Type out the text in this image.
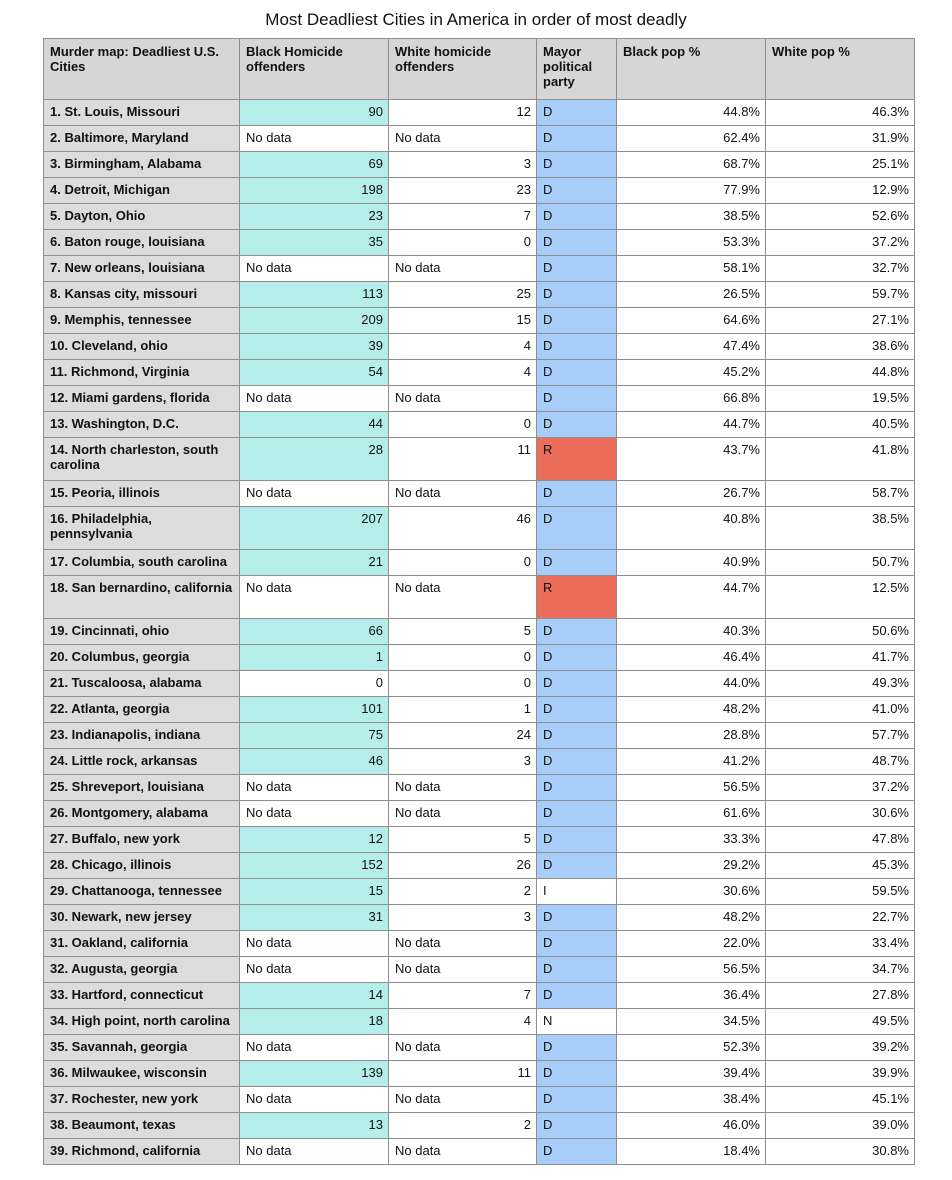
Most Deadliest Cities in America in order of most deadly
Murder map: Deadliest U.S. Cities	Black Homicide offenders	White homicide offenders	Mayor political party	Black pop %	White pop %
1. St. Louis, Missouri	90	12	D	44.8%	46.3%
2. Baltimore, Maryland	No data	No data	D	62.4%	31.9%
3. Birmingham, Alabama	69	3	D	68.7%	25.1%
4. Detroit, Michigan	198	23	D	77.9%	12.9%
5. Dayton, Ohio	23	7	D	38.5%	52.6%
6. Baton rouge, louisiana	35	0	D	53.3%	37.2%
7. New orleans, louisiana	No data	No data	D	58.1%	32.7%
8. Kansas city, missouri	113	25	D	26.5%	59.7%
9. Memphis, tennessee	209	15	D	64.6%	27.1%
10. Cleveland, ohio	39	4	D	47.4%	38.6%
11. Richmond, Virginia	54	4	D	45.2%	44.8%
12. Miami gardens, florida	No data	No data	D	66.8%	19.5%
13. Washington, D.C.	44	0	D	44.7%	40.5%
14. North charleston, south carolina	28	11	R	43.7%	41.8%
15. Peoria, illinois	No data	No data	D	26.7%	58.7%
16. Philadelphia, pennsylvania	207	46	D	40.8%	38.5%
17. Columbia, south carolina	21	0	D	40.9%	50.7%
18. San bernardino, california	No data	No data	R	44.7%	12.5%
19. Cincinnati, ohio	66	5	D	40.3%	50.6%
20. Columbus, georgia	1	0	D	46.4%	41.7%
21. Tuscaloosa, alabama	0	0	D	44.0%	49.3%
22. Atlanta, georgia	101	1	D	48.2%	41.0%
23. Indianapolis, indiana	75	24	D	28.8%	57.7%
24. Little rock, arkansas	46	3	D	41.2%	48.7%
25. Shreveport, louisiana	No data	No data	D	56.5%	37.2%
26. Montgomery, alabama	No data	No data	D	61.6%	30.6%
27. Buffalo, new york	12	5	D	33.3%	47.8%
28. Chicago, illinois	152	26	D	29.2%	45.3%
29. Chattanooga, tennessee	15	2	I	30.6%	59.5%
30. Newark, new jersey	31	3	D	48.2%	22.7%
31. Oakland, california	No data	No data	D	22.0%	33.4%
32. Augusta, georgia	No data	No data	D	56.5%	34.7%
33. Hartford, connecticut	14	7	D	36.4%	27.8%
34. High point, north carolina	18	4	N	34.5%	49.5%
35. Savannah, georgia	No data	No data	D	52.3%	39.2%
36. Milwaukee, wisconsin	139	11	D	39.4%	39.9%
37. Rochester, new york	No data	No data	D	38.4%	45.1%
38. Beaumont, texas	13	2	D	46.0%	39.0%
39. Richmond, california	No data	No data	D	18.4%	30.8%
